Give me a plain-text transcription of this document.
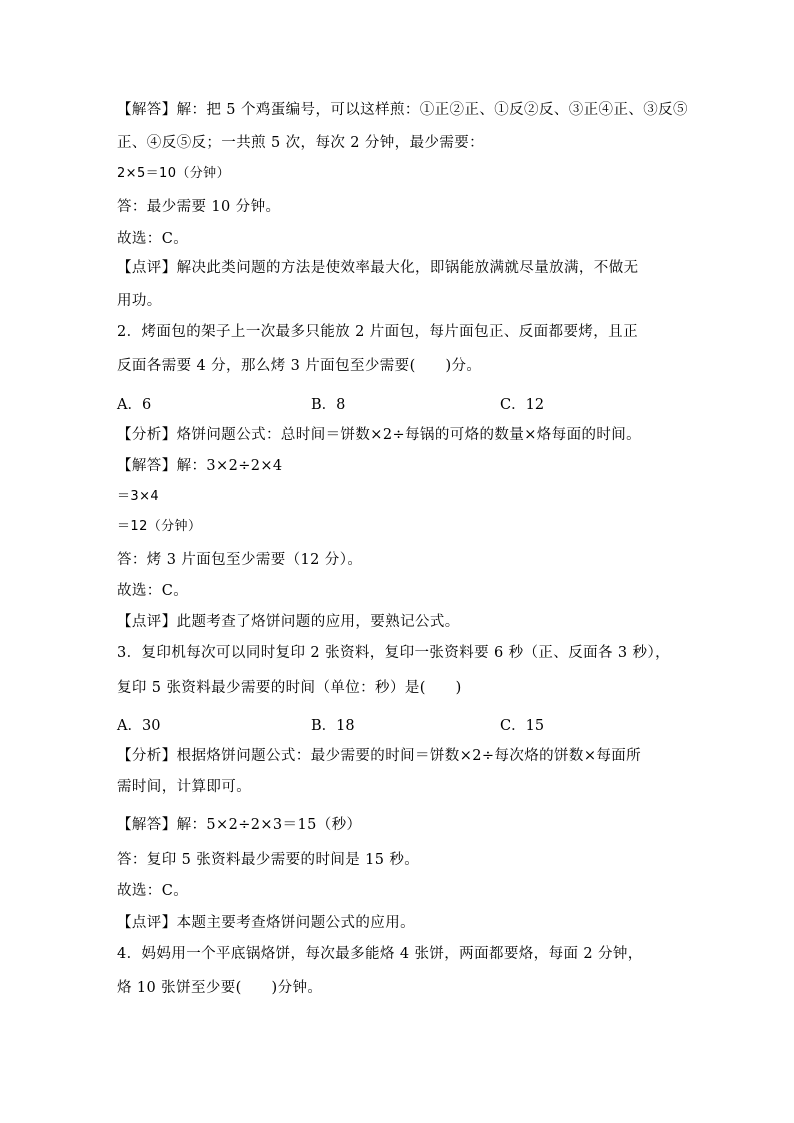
【解答】解：把 5 个鸡蛋编号，可以这样煎：①正②正、①反②反、③正④正、③反⑤
正、④反⑤反；一共煎 5 次，每次 2 分钟，最少需要：
2×5＝10（分钟）
答：最少需要 10 分钟。
故选：C。
【点评】解决此类问题的方法是使效率最大化，即锅能放满就尽量放满，不做无
用功。
2．烤面包的架子上一次最多只能放 2 片面包，每片面包正、反面都要烤，且正
反面各需要 4 分，那么烤 3 片面包至少需要(　　)分。
A．6	B．8	C．12
【分析】烙饼问题公式：总时间＝饼数×2÷每锅的可烙的数量×烙每面的时间。
【解答】解：3×2÷2×4
＝3×4
＝12（分钟）
答：烤 3 片面包至少需要（12 分）。
故选：C。
【点评】此题考查了烙饼问题的应用，要熟记公式。
3．复印机每次可以同时复印 2 张资料，复印一张资料要 6 秒（正、反面各 3 秒），
复印 5 张资料最少需要的时间（单位：秒）是(　　)
A．30	B．18	C．15
【分析】根据烙饼问题公式：最少需要的时间＝饼数×2÷每次烙的饼数×每面所
需时间，计算即可。
【解答】解：5×2÷2×3＝15（秒）
答：复印 5 张资料最少需要的时间是 15 秒。
故选：C。
【点评】本题主要考查烙饼问题公式的应用。
4．妈妈用一个平底锅烙饼，每次最多能烙 4 张饼，两面都要烙，每面 2 分钟，
烙 10 张饼至少要(　　)分钟。
